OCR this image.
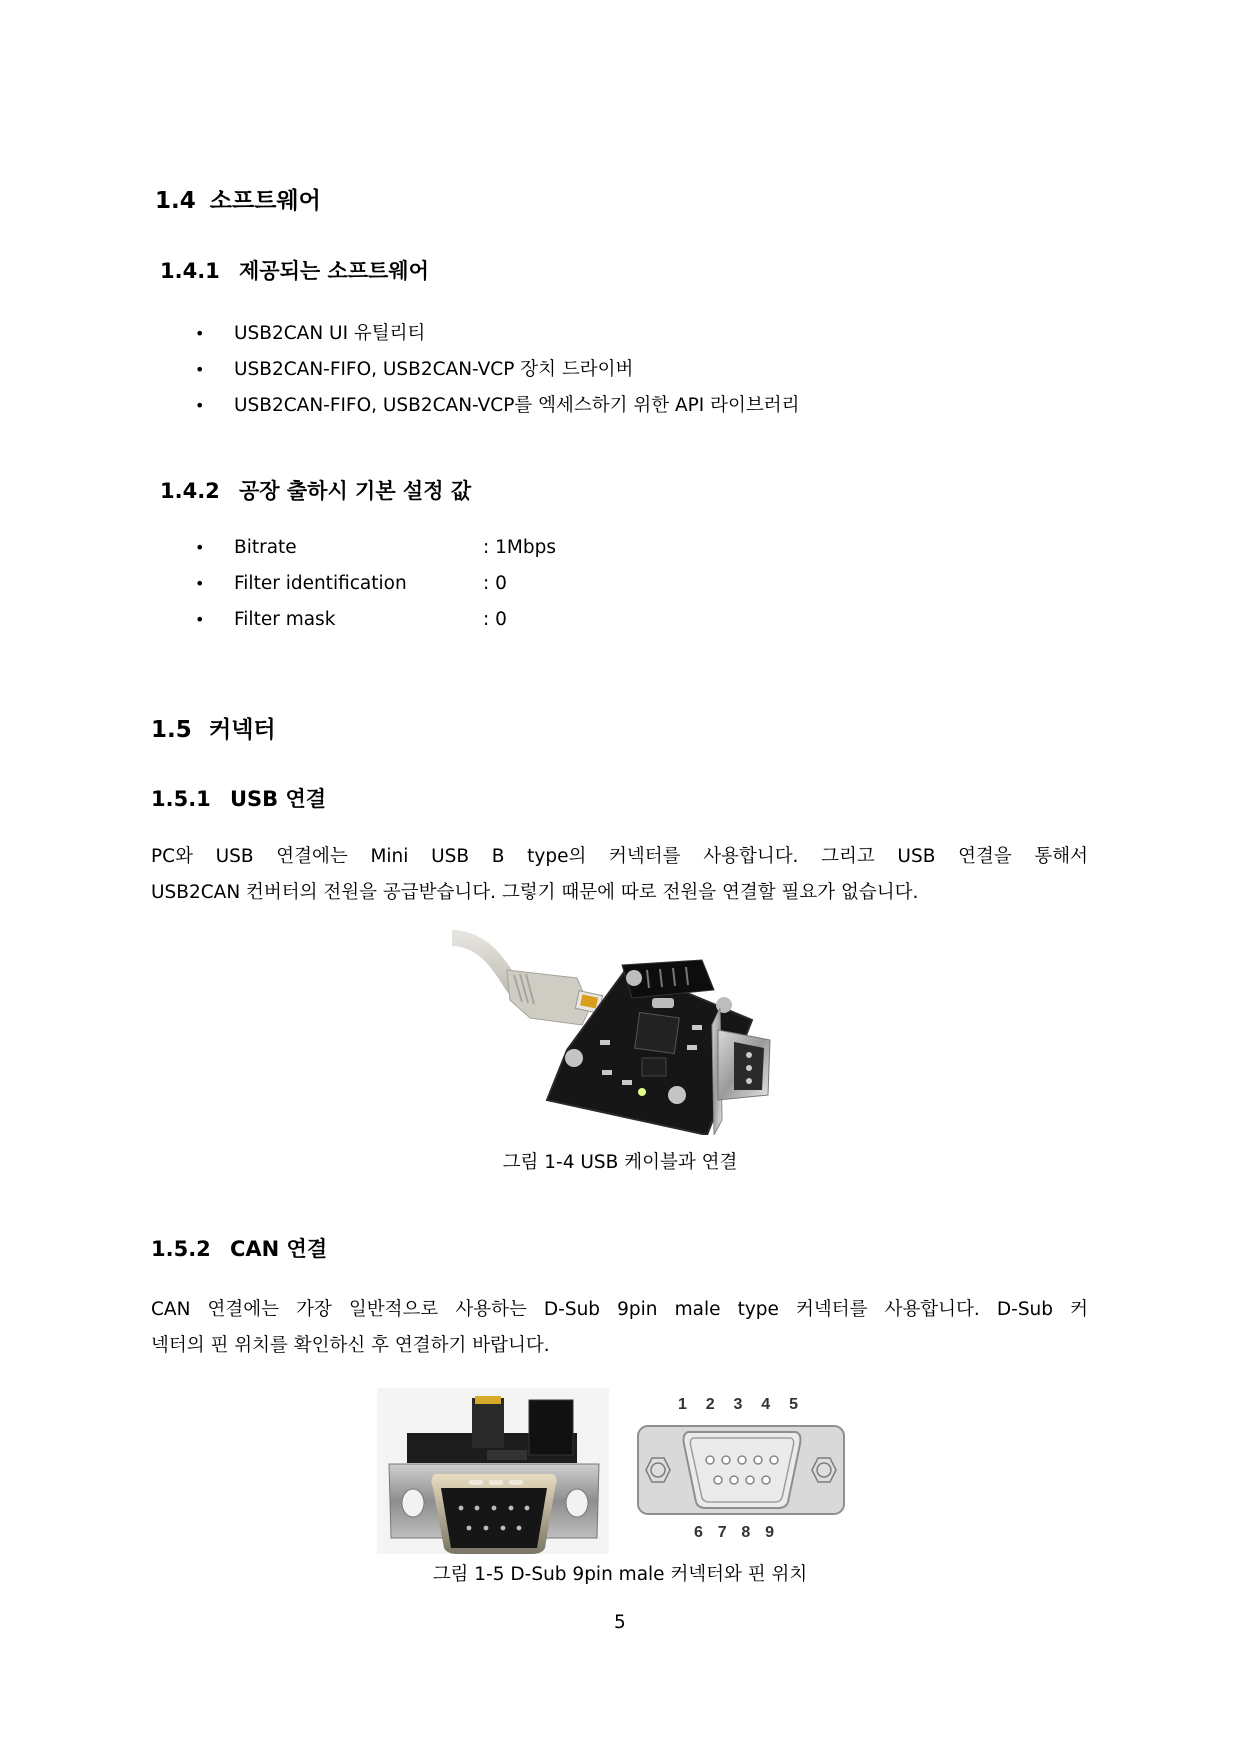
1.4 소프트웨어
1.4.1 제공되는 소프트웨어
•	USB2CAN UI 유틸리티
•	USB2CAN-FIFO, USB2CAN-VCP 장치 드라이버
•	USB2CAN-FIFO, USB2CAN-VCP를 엑세스하기 위한 API 라이브러리
1.4.2 공장 출하시 기본 설정 값
•	Bitrate	: 1Mbps
•	Filter identification	: 0
•	Filter mask	: 0
1.5 커넥터
1.5.1 USB 연결
PC와 USB 연결에는 Mini USB B type의 커넥터를 사용합니다. 그리고 USB 연결을 통해서
USB2CAN 컨버터의 전원을 공급받습니다. 그렇기 때문에 따로 전원을 연결할 필요가 없습니다.
그림 1-4 USB 케이블과 연결
1.5.2 CAN 연결
CAN 연결에는 가장 일반적으로 사용하는 D-Sub 9pin male type 커넥터를 사용합니다. D-Sub 커
넥터의 핀 위치를 확인하신 후 연결하기 바랍니다.
1 2 3 4 5
6 7 8 9
그림 1-5 D-Sub 9pin male 커넥터와 핀 위치
5
